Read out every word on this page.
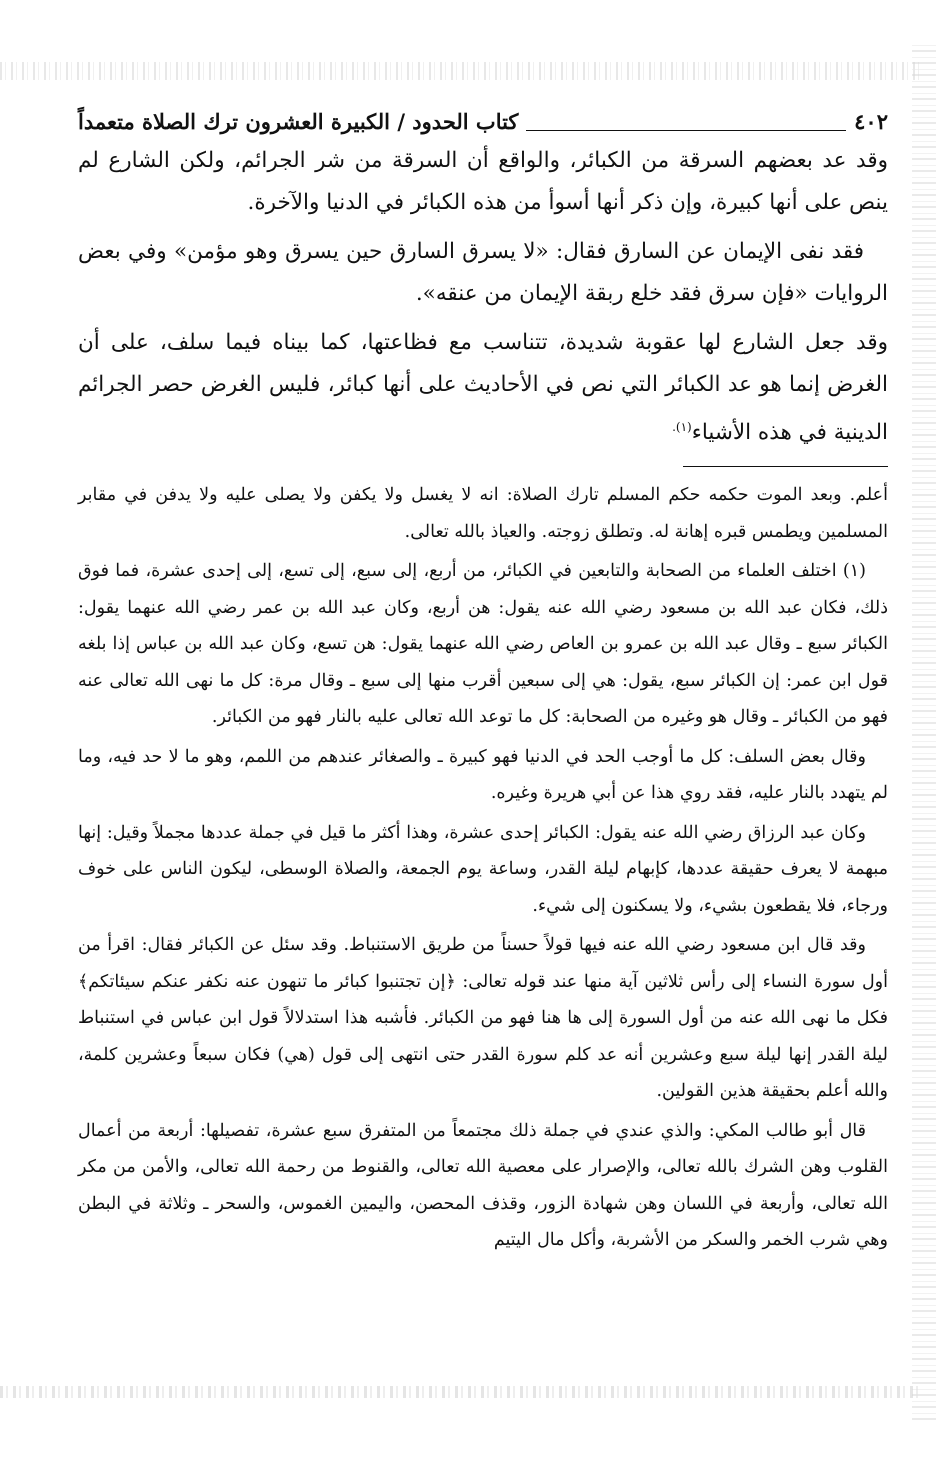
٤٠٢
كتاب الحدود / الكبيرة العشرون ترك الصلاة متعمداً

وقد عد بعضهم السرقة من الكبائر، والواقع أن السرقة من شر الجرائم، ولكن الشارع لم ينص على أنها كبيرة، وإن ذكر أنها أسوأ من هذه الكبائر في الدنيا والآخرة.

فقد نفى الإيمان عن السارق فقال: «لا يسرق السارق حين يسرق وهو مؤمن» وفي بعض الروايات «فإن سرق فقد خلع ربقة الإيمان من عنقه».

وقد جعل الشارع لها عقوبة شديدة، تتناسب مع فظاعتها، كما بيناه فيما سلف، على أن الغرض إنما هو عد الكبائر التي نص في الأحاديث على أنها كبائر، فليس الغرض حصر الجرائم الدينية في هذه الأشياء$^{(١).}$

أعلم. وبعد الموت حكمه حكم المسلم تارك الصلاة: انه لا يغسل ولا يكفن ولا يصلى عليه ولا يدفن في مقابر المسلمين ويطمس قبره إهانة له. وتطلق زوجته. والعياذ بالله تعالى.

(١) اختلف العلماء من الصحابة والتابعين في الكبائر، من أربع، إلى سبع، إلى تسع، إلى إحدى عشرة، فما فوق ذلك، فكان عبد الله بن مسعود رضي الله عنه يقول: هن أربع، وكان عبد الله بن عمر رضي الله عنهما يقول: الكبائر سبع ـ وقال عبد الله بن عمرو بن العاص رضي الله عنهما يقول: هن تسع، وكان عبد الله بن عباس إذا بلغه قول ابن عمر: إن الكبائر سبع، يقول: هي إلى سبعين أقرب منها إلى سبع ـ وقال مرة: كل ما نهى الله تعالى عنه فهو من الكبائر ـ وقال هو وغيره من الصحابة: كل ما توعد الله تعالى عليه بالنار فهو من الكبائر.

وقال بعض السلف: كل ما أوجب الحد في الدنيا فهو كبيرة ـ والصغائر عندهم من اللمم، وهو ما لا حد فيه، وما لم يتهدد بالنار عليه، فقد روي هذا عن أبي هريرة وغيره.

وكان عبد الرزاق رضي الله عنه يقول: الكبائر إحدى عشرة، وهذا أكثر ما قيل في جملة عددها مجملاً وقيل: إنها مبهمة لا يعرف حقيقة عددها، كإبهام ليلة القدر، وساعة يوم الجمعة، والصلاة الوسطى، ليكون الناس على خوف ورجاء، فلا يقطعون بشيء، ولا يسكنون إلى شيء.

وقد قال ابن مسعود رضي الله عنه فيها قولاً حسناً من طريق الاستنباط. وقد سئل عن الكبائر فقال: اقرأ من أول سورة النساء إلى رأس ثلاثين آية منها عند قوله تعالى: ﴿إن تجتنبوا كبائر ما تنهون عنه نكفر عنكم سيئاتكم﴾ فكل ما نهى الله عنه من أول السورة إلى ها هنا فهو من الكبائر. فأشبه هذا استدلالاً قول ابن عباس في استنباط ليلة القدر إنها ليلة سبع وعشرين أنه عد كلم سورة القدر حتى انتهى إلى قول (هي) فكان سبعاً وعشرين كلمة، والله أعلم بحقيقة هذين القولين.

قال أبو طالب المكي: والذي عندي في جملة ذلك مجتمعاً من المتفرق سبع عشرة، تفصيلها: أربعة من أعمال القلوب وهن الشرك بالله تعالى، والإصرار على معصية الله تعالى، والقنوط من رحمة الله تعالى، والأمن من مكر الله تعالى، وأربعة في اللسان وهن شهادة الزور، وقذف المحصن، واليمين الغموس، والسحر ـ وثلاثة في البطن وهي شرب الخمر والسكر من الأشربة، وأكل مال اليتيم
